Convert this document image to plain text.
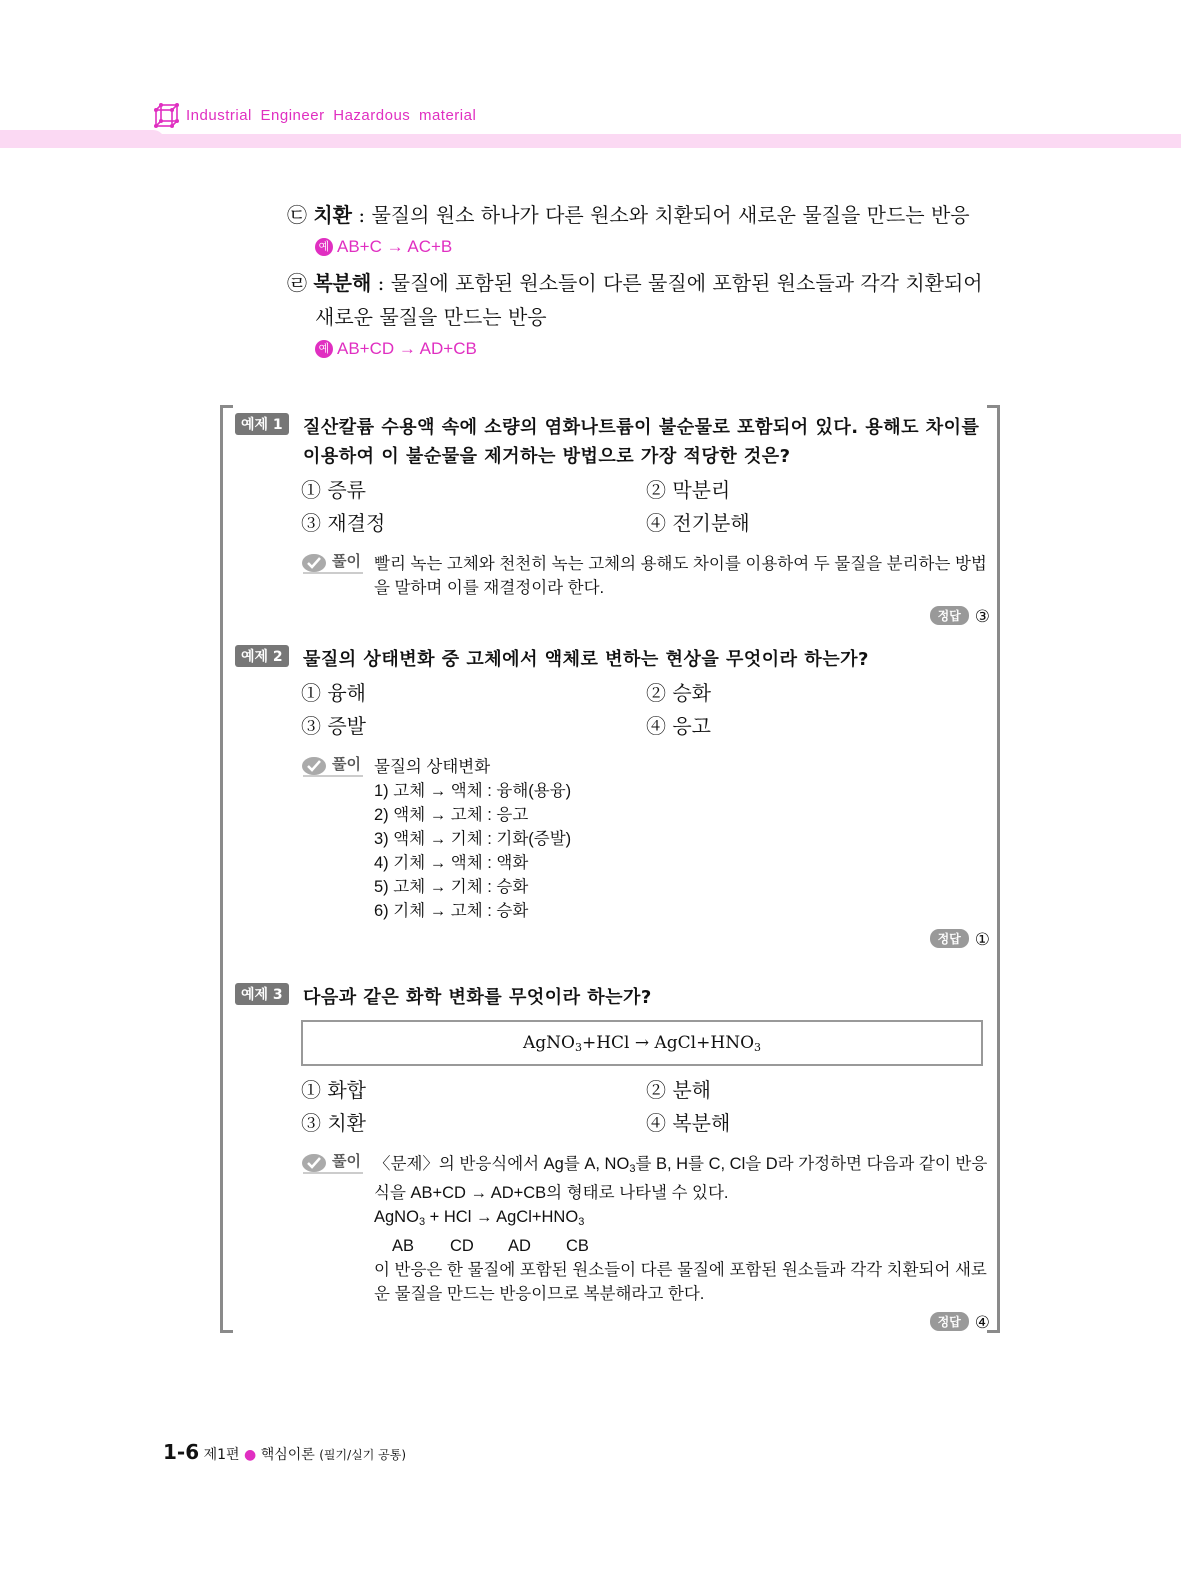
Industrial Engineer Hazardous material
㉢ 치환 : 물질의 원소 하나가 다른 원소와 치환되어 새로운 물질을 만드는 반응
예 AB+C → AC+B
㉣ 복분해 : 물질에 포함된 원소들이 다른 물질에 포함된 원소들과 각각 치환되어
새로운 물질을 만드는 반응
예 AB+CD → AD+CB
예제 1	질산칼륨 수용액 속에 소량의 염화나트륨이 불순물로 포함되어 있다. 용해도 차이를 이용하여 이 불순물을 제거하는 방법으로 가장 적당한 것은?
① 증류	② 막분리
③ 재결정	④ 전기분해
풀이 빨리 녹는 고체와 천천히 녹는 고체의 용해도 차이를 이용하여 두 물질을 분리하는 방법을 말하며 이를 재결정이라 한다.
정답 ③
예제 2	물질의 상태변화 중 고체에서 액체로 변하는 현상을 무엇이라 하는가?
① 융해	② 승화
③ 증발	④ 응고
풀이 물질의 상태변화
1) 고체 → 액체 : 융해(용융)
2) 액체 → 고체 : 응고
3) 액체 → 기체 : 기화(증발)
4) 기체 → 액체 : 액화
5) 고체 → 기체 : 승화
6) 기체 → 고체 : 승화
정답 ①
예제 3	다음과 같은 화학 변화를 무엇이라 하는가?
AgNO$_3$+HCl → $AgCl+HNO_3$
① 화합	② 분해
③ 치환	④ 복분해
풀이 〈문제〉의 반응식에서 Ag를 A, $NO_3$를 B, H를 C, Cl을 D라 가정하면 다음과 같이 반응식을 AB+CD → AD+CB의 형태로 나타낼 수 있다.
AgNO$_3$ + HCl → $AgCl+HNO_3$
AB CD AD CB
이 반응은 한 물질에 포함된 원소들이 다른 물질에 포함된 원소들과 각각 치환되어 새로운 물질을 만드는 반응이므로 복분해라고 한다.
정답 ④
1-6 제1편 ● 핵심이론 (필기/실기 공통)
